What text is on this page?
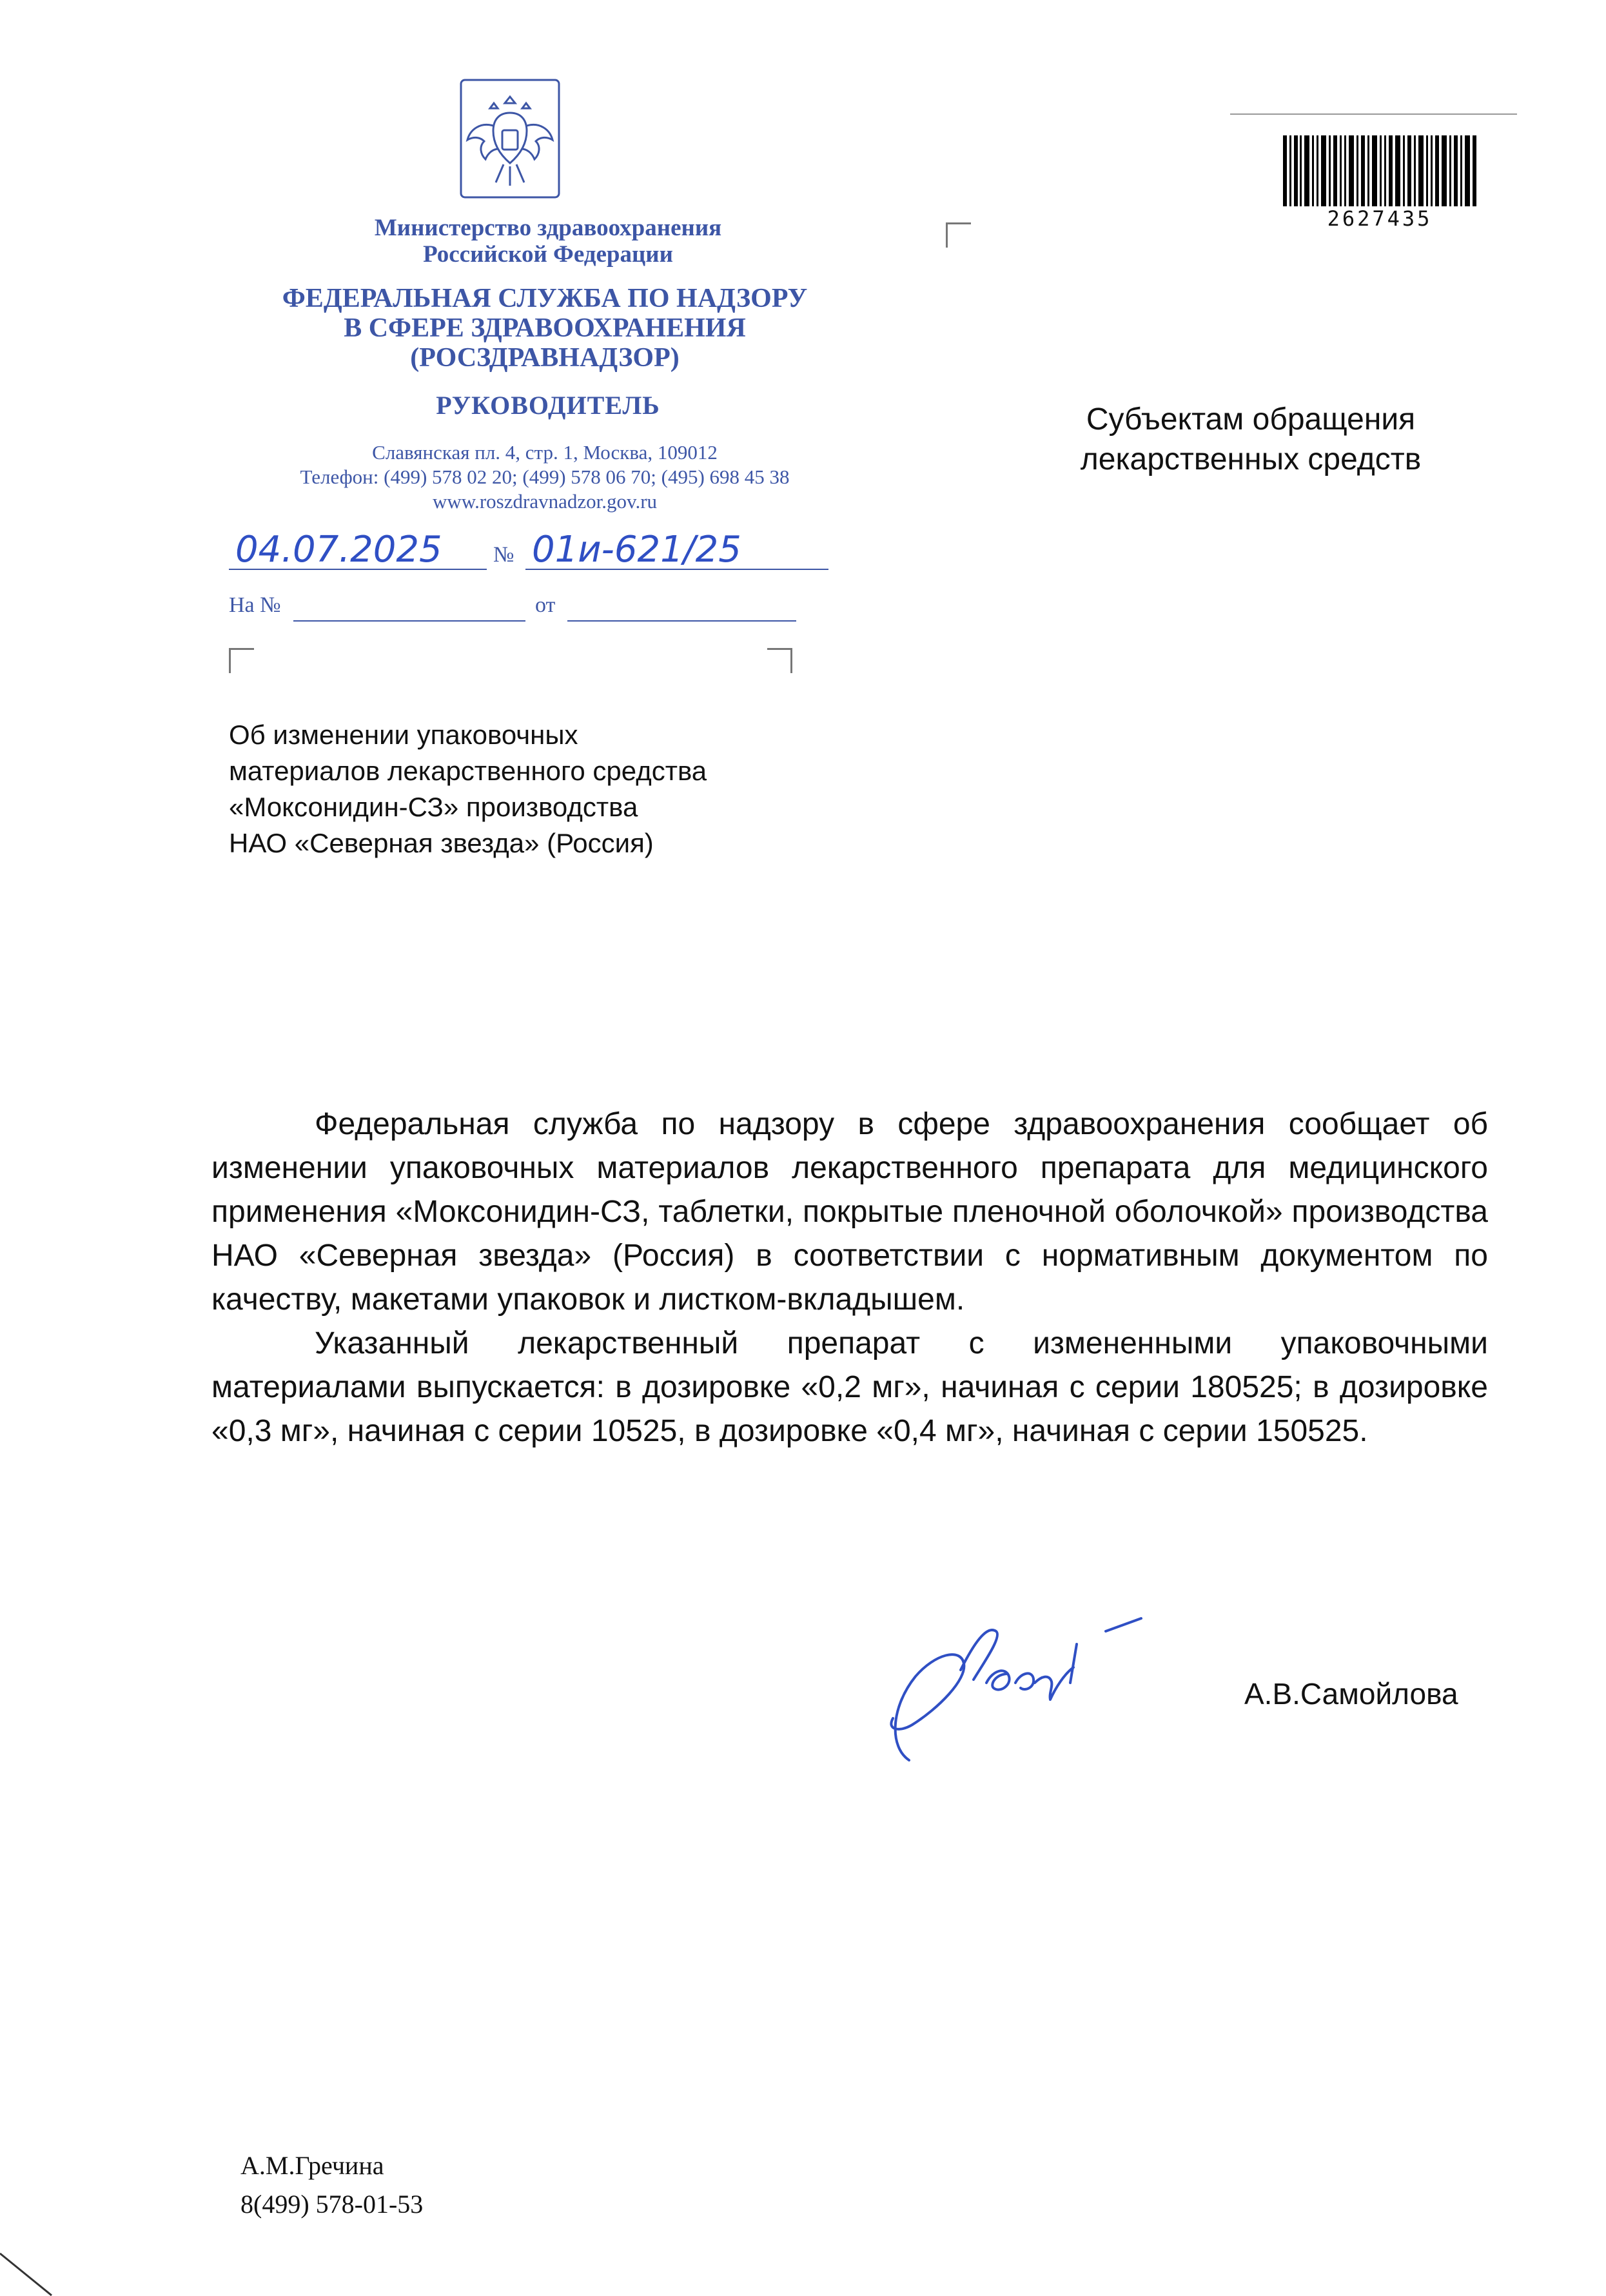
Министерство здравоохранения
Российской Федерации
ФЕДЕРАЛЬНАЯ СЛУЖБА ПО НАДЗОРУ
В СФЕРЕ ЗДРАВООХРАНЕНИЯ
(РОСЗДРАВНАДЗОР)
РУКОВОДИТЕЛЬ
Славянская пл. 4, стр. 1, Москва, 109012
Телефон: (499) 578 02 20; (499) 578 06 70; (495) 698 45 38
www.roszdravnadzor.gov.ru
04.07.2025 № 01и-621/25
На №	от
2627435
Субъектам обращения
лекарственных средств
Об изменении упаковочных
материалов лекарственного средства
«Моксонидин-СЗ» производства
НАО «Северная звезда» (Россия)

Федеральная служба по надзору в сфере здравоохранения сообщает об изменении упаковочных материалов лекарственного препарата для медицинского применения «Моксонидин-СЗ, таблетки, покрытые пленочной оболочкой» производства НАО «Северная звезда» (Россия) в соответствии с нормативным документом по качеству, макетами упаковок и листком-вкладышем.

Указанный лекарственный препарат с измененными упаковочными материалами выпускается: в дозировке «0,2 мг», начиная с серии 180525; в дозировке «0,3 мг», начиная с серии 10525, в дозировке «0,4 мг», начиная с серии 150525.

А.В.Самойлова
А.М.Гречина
8(499) 578-01-53
